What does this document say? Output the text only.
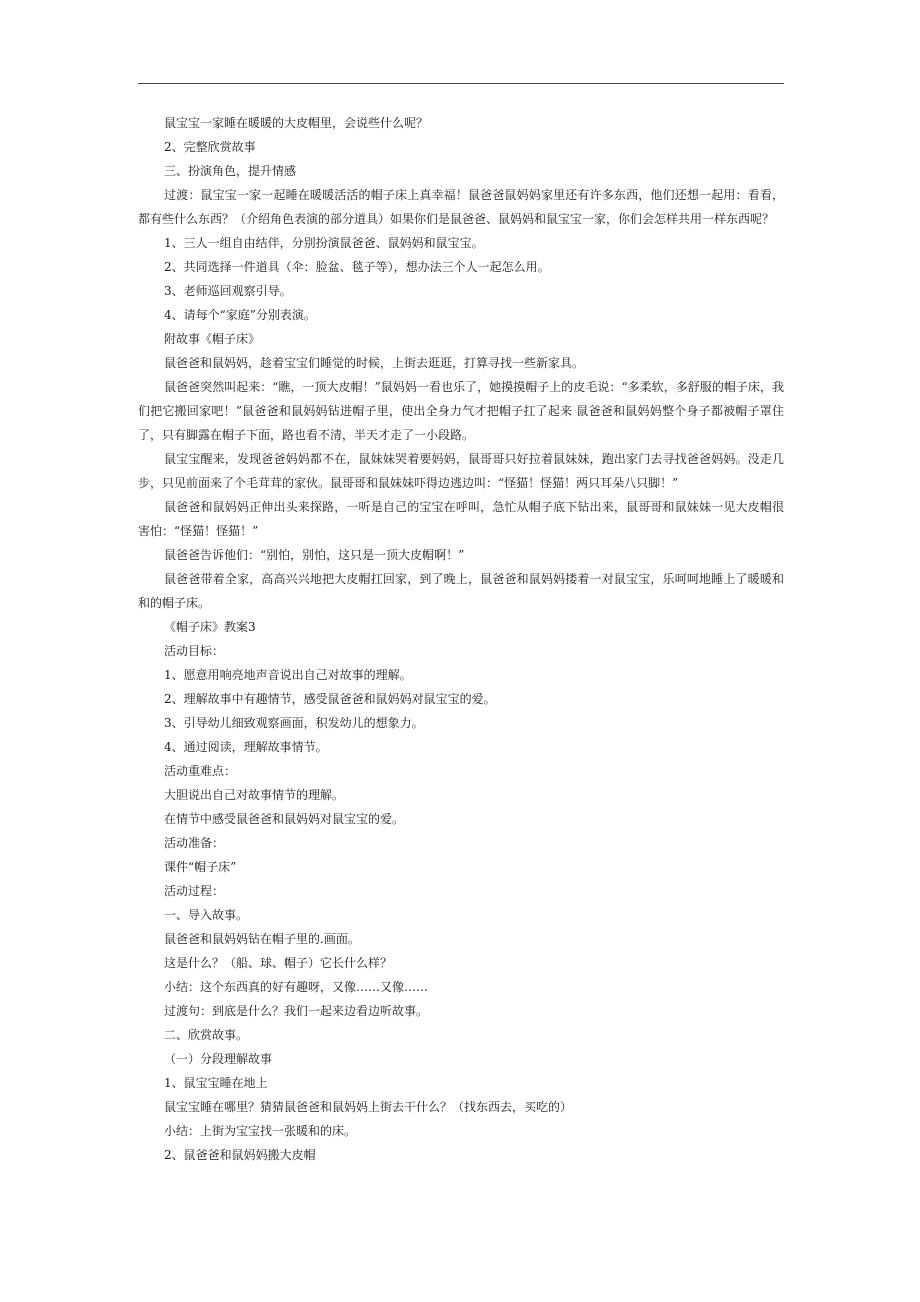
鼠宝宝一家睡在暖暖的大皮帽里，会说些什么呢？

2、完整欣赏故事

三、扮演角色，提升情感

过渡：鼠宝宝一家一起睡在暖暖活活的帽子床上真幸福！鼠爸爸鼠妈妈家里还有许多东西，他们还想一起用：看看，都有些什么东西？（介绍角色表演的部分道具）如果你们是鼠爸爸、鼠妈妈和鼠宝宝一家，你们会怎样共用一样东西呢？

1、三人一组自由结伴，分别扮演鼠爸爸、鼠妈妈和鼠宝宝。

2、共同选择一件道具（伞：脸盆、毯子等），想办法三个人一起怎么用。

3、老师巡回观察引导。

4、请每个“家庭”分别表演。

附故事《帽子床》

鼠爸爸和鼠妈妈，趁着宝宝们睡觉的时候，上街去逛逛，打算寻找一些新家具。

鼠爸爸突然叫起来：“瞧，一顶大皮帽！”鼠妈妈一看也乐了，她摸摸帽子上的皮毛说：“多柔软，多舒服的帽子床，我们把它搬回家吧！”鼠爸爸和鼠妈妈钻进帽子里，使出全身力气才把帽子扛了起来 鼠爸爸和鼠妈妈整个身子都被帽子罩住了，只有脚露在帽子下面，路也看不清，半天才走了一小段路。

鼠宝宝醒来，发现爸爸妈妈都不在，鼠妹妹哭着要妈妈，鼠哥哥只好拉着鼠妹妹，跑出家门去寻找爸爸妈妈。没走几步，只见前面来了个毛茸茸的家伙。鼠哥哥和鼠妹妹吓得边逃边叫：“怪猫！怪猫！两只耳朵八只脚！”

鼠爸爸和鼠妈妈正伸出头来探路，一听是自己的宝宝在呼叫，急忙从帽子底下钻出来，鼠哥哥和鼠妹妹一见大皮帽很害怕：“怪猫！怪猫！”

鼠爸爸告诉他们：“别怕，别怕，这只是一顶大皮帽啊！”

鼠爸爸带着全家，高高兴兴地把大皮帽扛回家，到了晚上，鼠爸爸和鼠妈妈搂着一对鼠宝宝，乐呵呵地睡上了暖暖和和的帽子床。

《帽子床》教案3

活动目标：

1、愿意用响亮地声音说出自己对故事的理解。

2、理解故事中有趣情节，感受鼠爸爸和鼠妈妈对鼠宝宝的爱。

3、引导幼儿细致观察画面，积发幼儿的想象力。

4、通过阅读，理解故事情节。

活动重难点：

大胆说出自己对故事情节的理解。

在情节中感受鼠爸爸和鼠妈妈对鼠宝宝的爱。

活动准备：

课件“帽子床”

活动过程：

一、导入故事。

鼠爸爸和鼠妈妈钻在帽子里的.画面。

这是什么？（船、球、帽子）它长什么样？

小结：这个东西真的好有趣呀，又像……又像……

过渡句：到底是什么？我们一起来边看边听故事。

二、欣赏故事。

（一）分段理解故事

1、鼠宝宝睡在地上

鼠宝宝睡在哪里？猜猜鼠爸爸和鼠妈妈上街去干什么？（找东西去，买吃的）

小结：上街为宝宝找一张暖和的床。

2、鼠爸爸和鼠妈妈搬大皮帽
